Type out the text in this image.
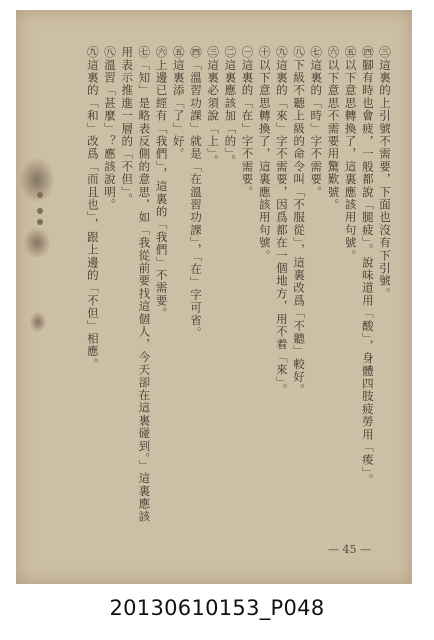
㊂這裏的上引號不需要，下面也沒有下引號。
㊃腳有時也會疲，一般都說「腿疲」。說味道用「酸」，身體四肢疲勞用「痠」。
㊄以下意思轉換了，這裏應該用句號。
㊅以下意思不需要用驚歎號。
㊆這裏的「時」字不需要。
㊇下級不聽上級的命令叫「不服從」，這裏改爲「不聽」較好。
㊈這裏的「來」字不需要，因爲都在一個地方，用不着「來」。
㊉以下意思轉換了，這裏應該用句號。
㊀這裏的「在」字不需要。
㊁這裏應該加「的」。
㊂這裏必須說「上」。
㊃「溫習功課」就是「在溫習功課」，「在」字可省。
㊄這裏添「了」好。
㊅上邊已經有「我們」，這裏的「我們」不需要。
㊆「知」是略表反側的意思，如「我從前要找這個人，今天卻在這裏碰到。」這裏應該
用表示推進一層的「不但」。
㊇溫習「甚麼」？應該說明。
㊈這裏的「和」改爲「而且也」，跟上邊的「不但」相應。
— 45 —
20130610153_P048
